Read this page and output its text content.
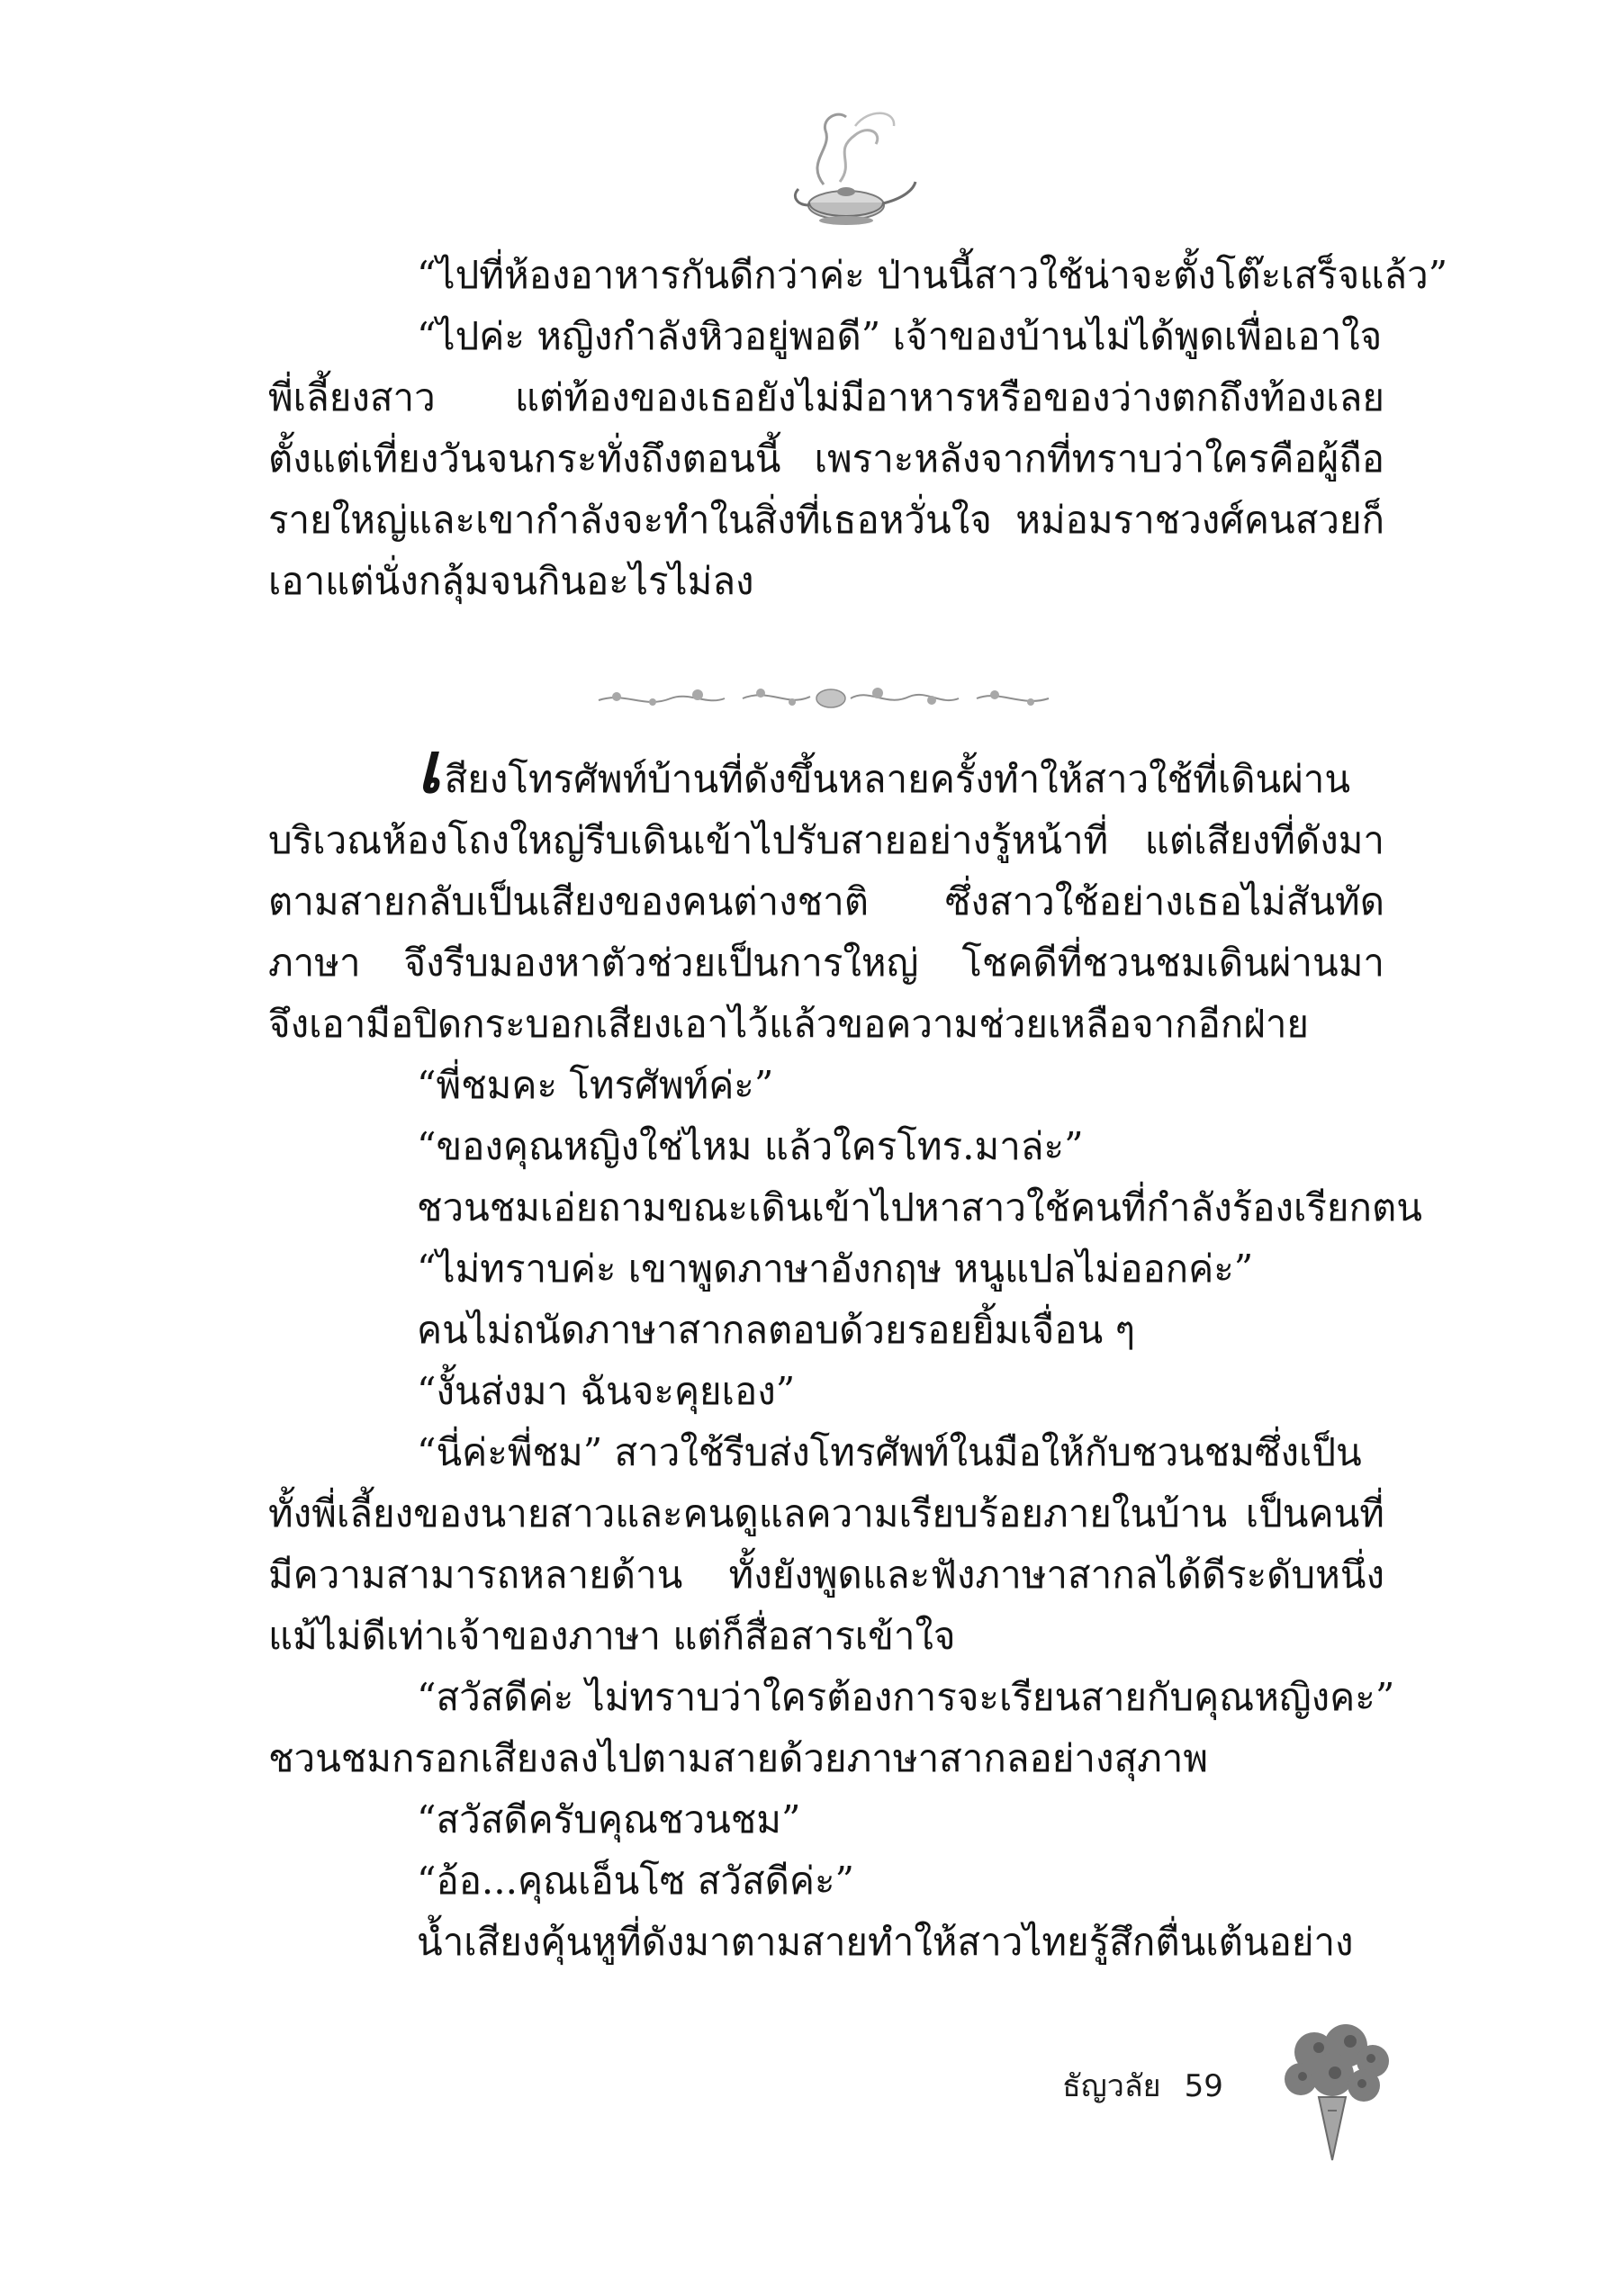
“ไปที่ห้องอาหารกันดีกว่าค่ะ ป่านนี้สาวใช้น่าจะตั้งโต๊ะเสร็จแล้ว”
“ไปค่ะ หญิงกำลังหิวอยู่พอดี” เจ้าของบ้านไม่ได้พูดเพื่อเอาใจ
พี่เลี้ยงสาว แต่ท้องของเธอยังไม่มีอาหารหรือของว่างตกถึงท้องเลย
ตั้งแต่เที่ยงวันจนกระทั่งถึงตอนนี้ เพราะหลังจากที่ทราบว่าใครคือผู้ถือ
รายใหญ่และเขากำลังจะทำในสิ่งที่เธอหวั่นใจ หม่อมราชวงศ์คนสวยก็
เอาแต่นั่งกลุ้มจนกินอะไรไม่ลง
เสียงโทรศัพท์บ้านที่ดังขึ้นหลายครั้งทำให้สาวใช้ที่เดินผ่าน
บริเวณห้องโถงใหญ่รีบเดินเข้าไปรับสายอย่างรู้หน้าที่ แต่เสียงที่ดังมา
ตามสายกลับเป็นเสียงของคนต่างชาติ ซึ่งสาวใช้อย่างเธอไม่สันทัด
ภาษา จึงรีบมองหาตัวช่วยเป็นการใหญ่ โชคดีที่ชวนชมเดินผ่านมา
จึงเอามือปิดกระบอกเสียงเอาไว้แล้วขอความช่วยเหลือจากอีกฝ่าย
“พี่ชมคะ โทรศัพท์ค่ะ”
“ของคุณหญิงใช่ไหม แล้วใครโทร.มาล่ะ”
ชวนชมเอ่ยถามขณะเดินเข้าไปหาสาวใช้คนที่กำลังร้องเรียกตน
“ไม่ทราบค่ะ เขาพูดภาษาอังกฤษ หนูแปลไม่ออกค่ะ”
คนไม่ถนัดภาษาสากลตอบด้วยรอยยิ้มเจื่อน ๆ
“งั้นส่งมา ฉันจะคุยเอง”
“นี่ค่ะพี่ชม” สาวใช้รีบส่งโทรศัพท์ในมือให้กับชวนชมซึ่งเป็น
ทั้งพี่เลี้ยงของนายสาวและคนดูแลความเรียบร้อยภายในบ้าน เป็นคนที่
มีความสามารถหลายด้าน ทั้งยังพูดและฟังภาษาสากลได้ดีระดับหนึ่ง
แม้ไม่ดีเท่าเจ้าของภาษา แต่ก็สื่อสารเข้าใจ
“สวัสดีค่ะ ไม่ทราบว่าใครต้องการจะเรียนสายกับคุณหญิงคะ”
ชวนชมกรอกเสียงลงไปตามสายด้วยภาษาสากลอย่างสุภาพ
“สวัสดีครับคุณชวนชม”
“อ้อ...คุณเอ็นโซ สวัสดีค่ะ”
น้ำเสียงคุ้นหูที่ดังมาตามสายทำให้สาวไทยรู้สึกตื่นเต้นอย่าง
ธัญวลัย 59
